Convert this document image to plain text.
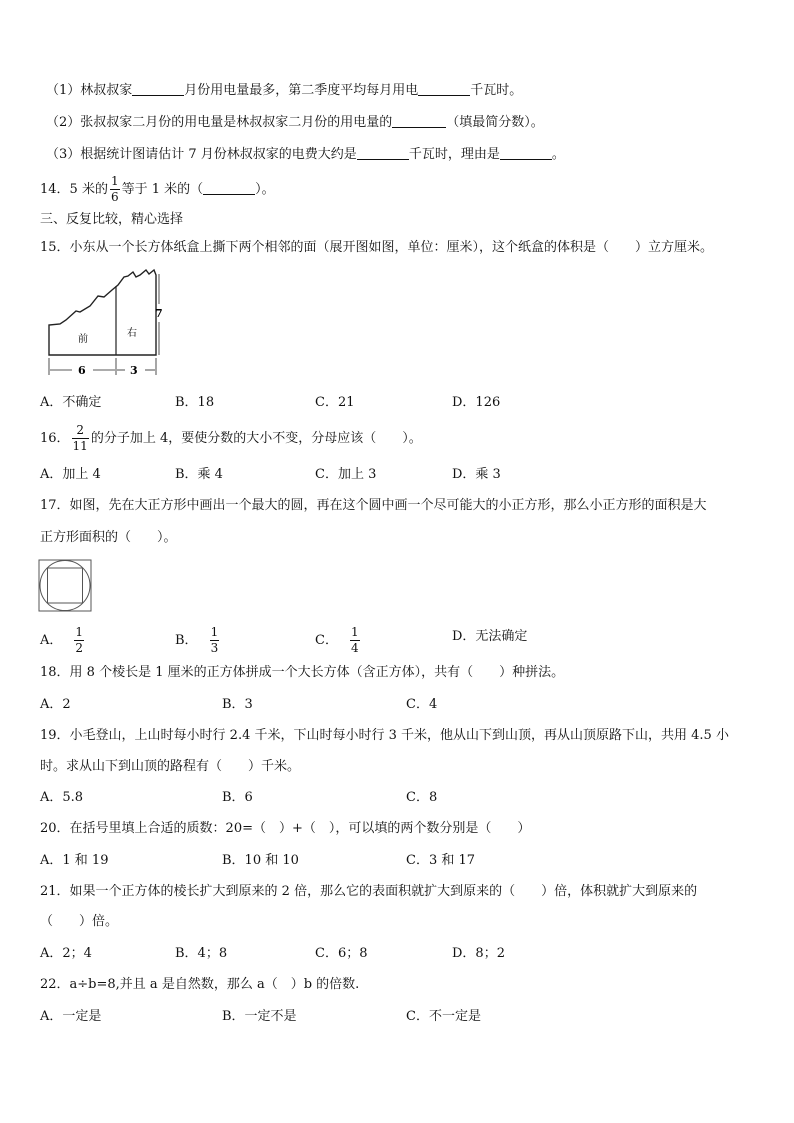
（1）林叔叔家	月份用电量最多，第二季度平均每月用电	千瓦时。
（2）张叔叔家二月份的用电量是林叔叔家二月份的用电量的	（填最简分数）。
（3）根据统计图请估计 7 月份林叔叔家的电费大约是	千瓦时，理由是	。
14．5 米的 $\frac{1}{6}$ 等于 1 米的（	）。
三、反复比较，精心选择
15．小东从一个长方体纸盒上撕下两个相邻的面（展开图如图，单位：厘米），这个纸盒的体积是（　　）立方厘米。
前
右
6	3
7
A．不确定	B．18	C．21	D．126
16． $\frac{2}{11}$ 的分子加上 4，要使分数的大小不变，分母应该（　　）。
A．加上 4	B．乘 4	C．加上 3	D．乘 3
17．如图，先在大正方形中画出一个最大的圆，再在这个圆中画一个尽可能大的小正方形，那么小正方形的面积是大
正方形面积的（　　）。
A． $\frac{1}{2}$	B． $\frac{1}{3}$	C． $\frac{1}{4}$	D．无法确定
18．用 8 个棱长是 1 厘米的正方体拼成一个大长方体（含正方体），共有（　　）种拼法。
A．2	B．3	C．4
19．小毛登山，上山时每小时行 2.4 千米，下山时每小时行 3 千米，他从山下到山顶，再从山顶原路下山，共用 4.5 小
时。求从山下到山顶的路程有（　　）千米。
A．5.8	B．6	C．8
20．在括号里填上合适的质数：20=（　）+（　），可以填的两个数分别是（　　）
A．1 和 19	B．10 和 10	C．3 和 17
21．如果一个正方体的棱长扩大到原来的 2 倍，那么它的表面积就扩大到原来的（　　）倍，体积就扩大到原来的
（　　）倍。
A．2；4	B．4；8	C．6；8	D．8；2
22．a÷b=8,并且 a 是自然数，那么 a（　）b 的倍数.
A．一定是	B．一定不是	C．不一定是
